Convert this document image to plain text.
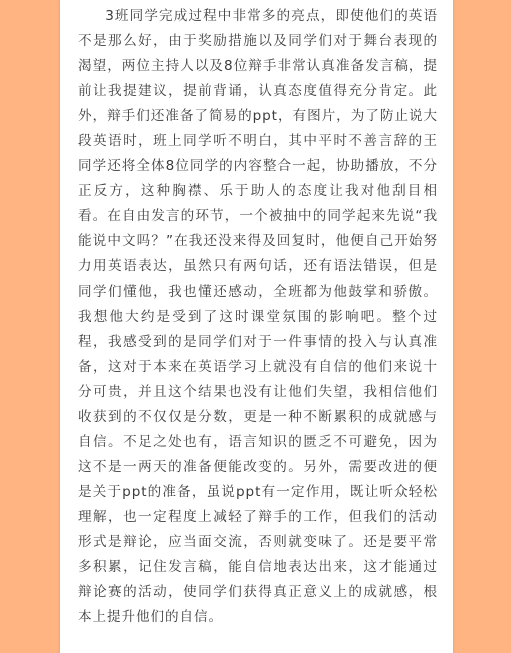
3班同学完成过程中非常多的亮点，即使他们的英语不是那么好，由于奖励措施以及同学们对于舞台表现的渴望，两位主持人以及8位辩手非常认真准备发言稿，提前让我提建议，提前背诵，认真态度值得充分肯定。此外，辩手们还准备了简易的ppt，有图片，为了防止说大段英语时，班上同学听不明白，其中平时不善言辞的王同学还将全体8位同学的内容整合一起，协助播放，不分正反方，这种胸襟、乐于助人的态度让我对他刮目相看。在自由发言的环节，一个被抽中的同学起来先说“我能说中文吗？”在我还没来得及回复时，他便自己开始努力用英语表达，虽然只有两句话，还有语法错误，但是同学们懂他，我也懂还感动，全班都为他鼓掌和骄傲。我想他大约是受到了这时课堂氛围的影响吧。整个过程，我感受到的是同学们对于一件事情的投入与认真准备，这对于本来在英语学习上就没有自信的他们来说十分可贵，并且这个结果也没有让他们失望，我相信他们收获到的不仅仅是分数，更是一种不断累积的成就感与自信。不足之处也有，语言知识的匮乏不可避免，因为这不是一两天的准备便能改变的。另外，需要改进的便是关于ppt的准备，虽说ppt有一定作用，既让听众轻松理解，也一定程度上减轻了辩手的工作，但我们的活动形式是辩论，应当面交流，否则就变味了。还是要平常多积累，记住发言稿，能自信地表达出来，这才能通过辩论赛的活动，使同学们获得真正意义上的成就感，根本上提升他们的自信。
